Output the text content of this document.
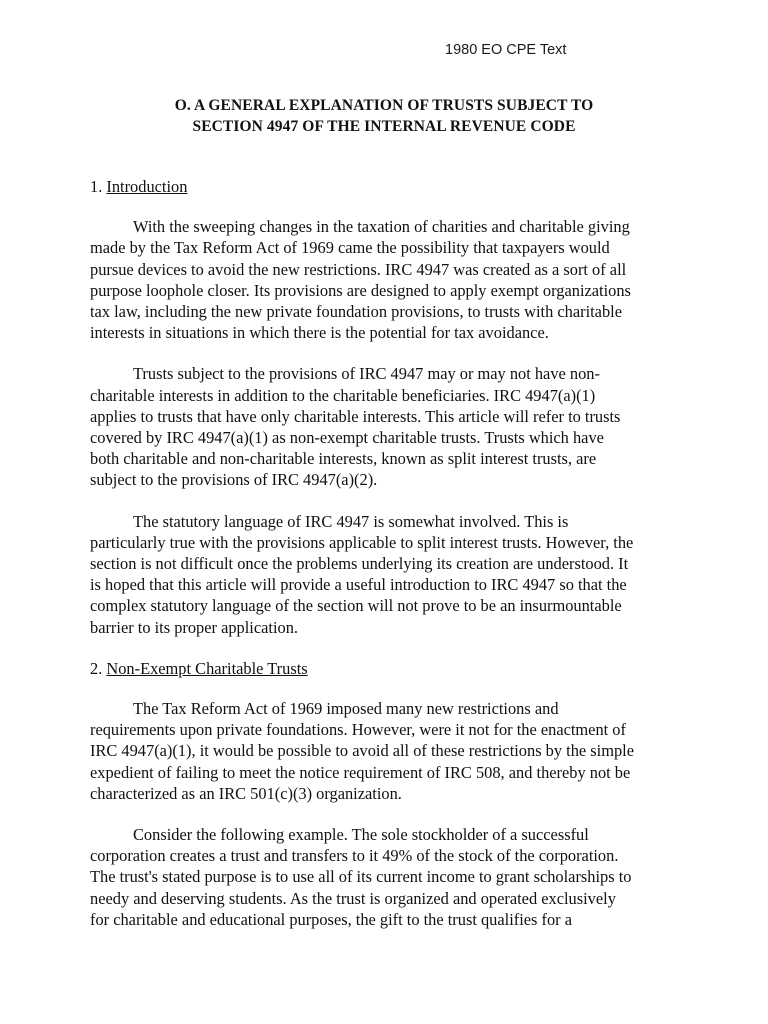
1980 EO CPE Text
O. A GENERAL EXPLANATION OF TRUSTS SUBJECT TO
SECTION 4947 OF THE INTERNAL REVENUE CODE
1. Introduction
With the sweeping changes in the taxation of charities and charitable giving
made by the Tax Reform Act of 1969 came the possibility that taxpayers would
pursue devices to avoid the new restrictions. IRC 4947 was created as a sort of all
purpose loophole closer. Its provisions are designed to apply exempt organizations
tax law, including the new private foundation provisions, to trusts with charitable
interests in situations in which there is the potential for tax avoidance.
Trusts subject to the provisions of IRC 4947 may or may not have non-
charitable interests in addition to the charitable beneficiaries. IRC 4947(a)(1)
applies to trusts that have only charitable interests. This article will refer to trusts
covered by IRC 4947(a)(1) as non-exempt charitable trusts. Trusts which have
both charitable and non-charitable interests, known as split interest trusts, are
subject to the provisions of IRC 4947(a)(2).
The statutory language of IRC 4947 is somewhat involved. This is
particularly true with the provisions applicable to split interest trusts. However, the
section is not difficult once the problems underlying its creation are understood. It
is hoped that this article will provide a useful introduction to IRC 4947 so that the
complex statutory language of the section will not prove to be an insurmountable
barrier to its proper application.
2. Non-Exempt Charitable Trusts
The Tax Reform Act of 1969 imposed many new restrictions and
requirements upon private foundations. However, were it not for the enactment of
IRC 4947(a)(1), it would be possible to avoid all of these restrictions by the simple
expedient of failing to meet the notice requirement of IRC 508, and thereby not be
characterized as an IRC 501(c)(3) organization.
Consider the following example. The sole stockholder of a successful
corporation creates a trust and transfers to it 49% of the stock of the corporation.
The trust's stated purpose is to use all of its current income to grant scholarships to
needy and deserving students. As the trust is organized and operated exclusively
for charitable and educational purposes, the gift to the trust qualifies for a
